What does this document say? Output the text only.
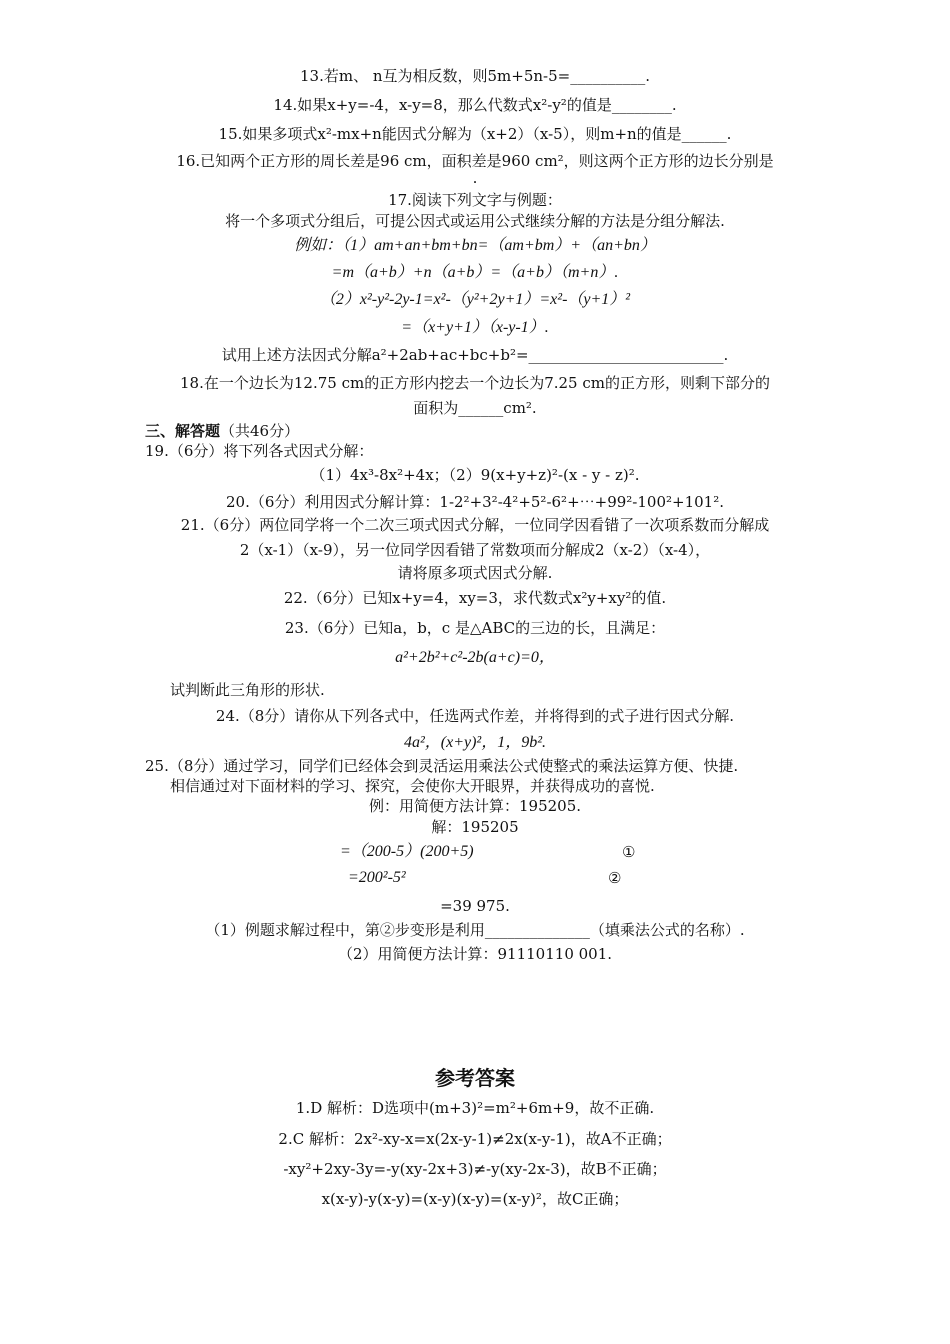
13.若m、 n互为相反数，则5m+5n-5=__________.
14.如果x+y=-4，x-y=8，那么代数式x²-y²的值是________.
15.如果多项式x²-mx+n能因式分解为（x+2）（x-5），则m+n的值是______.
16.已知两个正方形的周长差是96 cm，面积差是960 cm²，则这两个正方形的边长分别是
.
17.阅读下列文字与例题：
将一个多项式分组后，可提公因式或运用公式继续分解的方法是分组分解法.
例如：（1）am+an+bm+bn=（am+bm）+（an+bn）
=m（a+b）+n（a+b）=（a+b）（m+n）.
（2）x²-y²-2y-1=x²-（y²+2y+1）=x²-（y+1）²
=（x+y+1）（x-y-1）.
试用上述方法因式分解a²+2ab+ac+bc+b²=__________________________.
18.在一个边长为12.75 cm的正方形内挖去一个边长为7.25 cm的正方形，则剩下部分的
面积为______cm².
三、解答题（共46分）
19.（6分）将下列各式因式分解：
（1）4x³-8x²+4x；（2）9(x+y+z)²-(x - y - z)².
20.（6分）利用因式分解计算：1-2²+3²-4²+5²-6²+⋯+99²-100²+101².
21.（6分）两位同学将一个二次三项式因式分解，一位同学因看错了一次项系数而分解成
2（x-1）（x-9），另一位同学因看错了常数项而分解成2（x-2）（x-4），
请将原多项式因式分解.
22.（6分）已知x+y=4，xy=3，求代数式x²y+xy²的值.
23.（6分）已知a，b，c 是△ABC的三边的长，且满足：
a²+2b²+c²-2b(a+c)=0，
试判断此三角形的形状.
24.（8分）请你从下列各式中，任选两式作差，并将得到的式子进行因式分解.
4a²，(x+y)²，1，9b².
25.（8分）通过学习，同学们已经体会到灵活运用乘法公式使整式的乘法运算方便、快捷.
相信通过对下面材料的学习、探究，会使你大开眼界，并获得成功的喜悦.
例：用简便方法计算：195205.
解：195205
=（200-5）(200+5)	①
=200²-5²	②
=39 975.
（1）例题求解过程中，第②步变形是利用______________（填乘法公式的名称）.
（2）用简便方法计算：91110110 001.
参考答案
1.D 解析：D选项中(m+3)²=m²+6m+9，故不正确.
2.C 解析：2x²-xy-x=x(2x-y-1)≠2x(x-y-1)，故A不正确；
-xy²+2xy-3y=-y(xy-2x+3)≠-y(xy-2x-3)，故B不正确；
x(x-y)-y(x-y)=(x-y)(x-y)=(x-y)²，故C正确；
